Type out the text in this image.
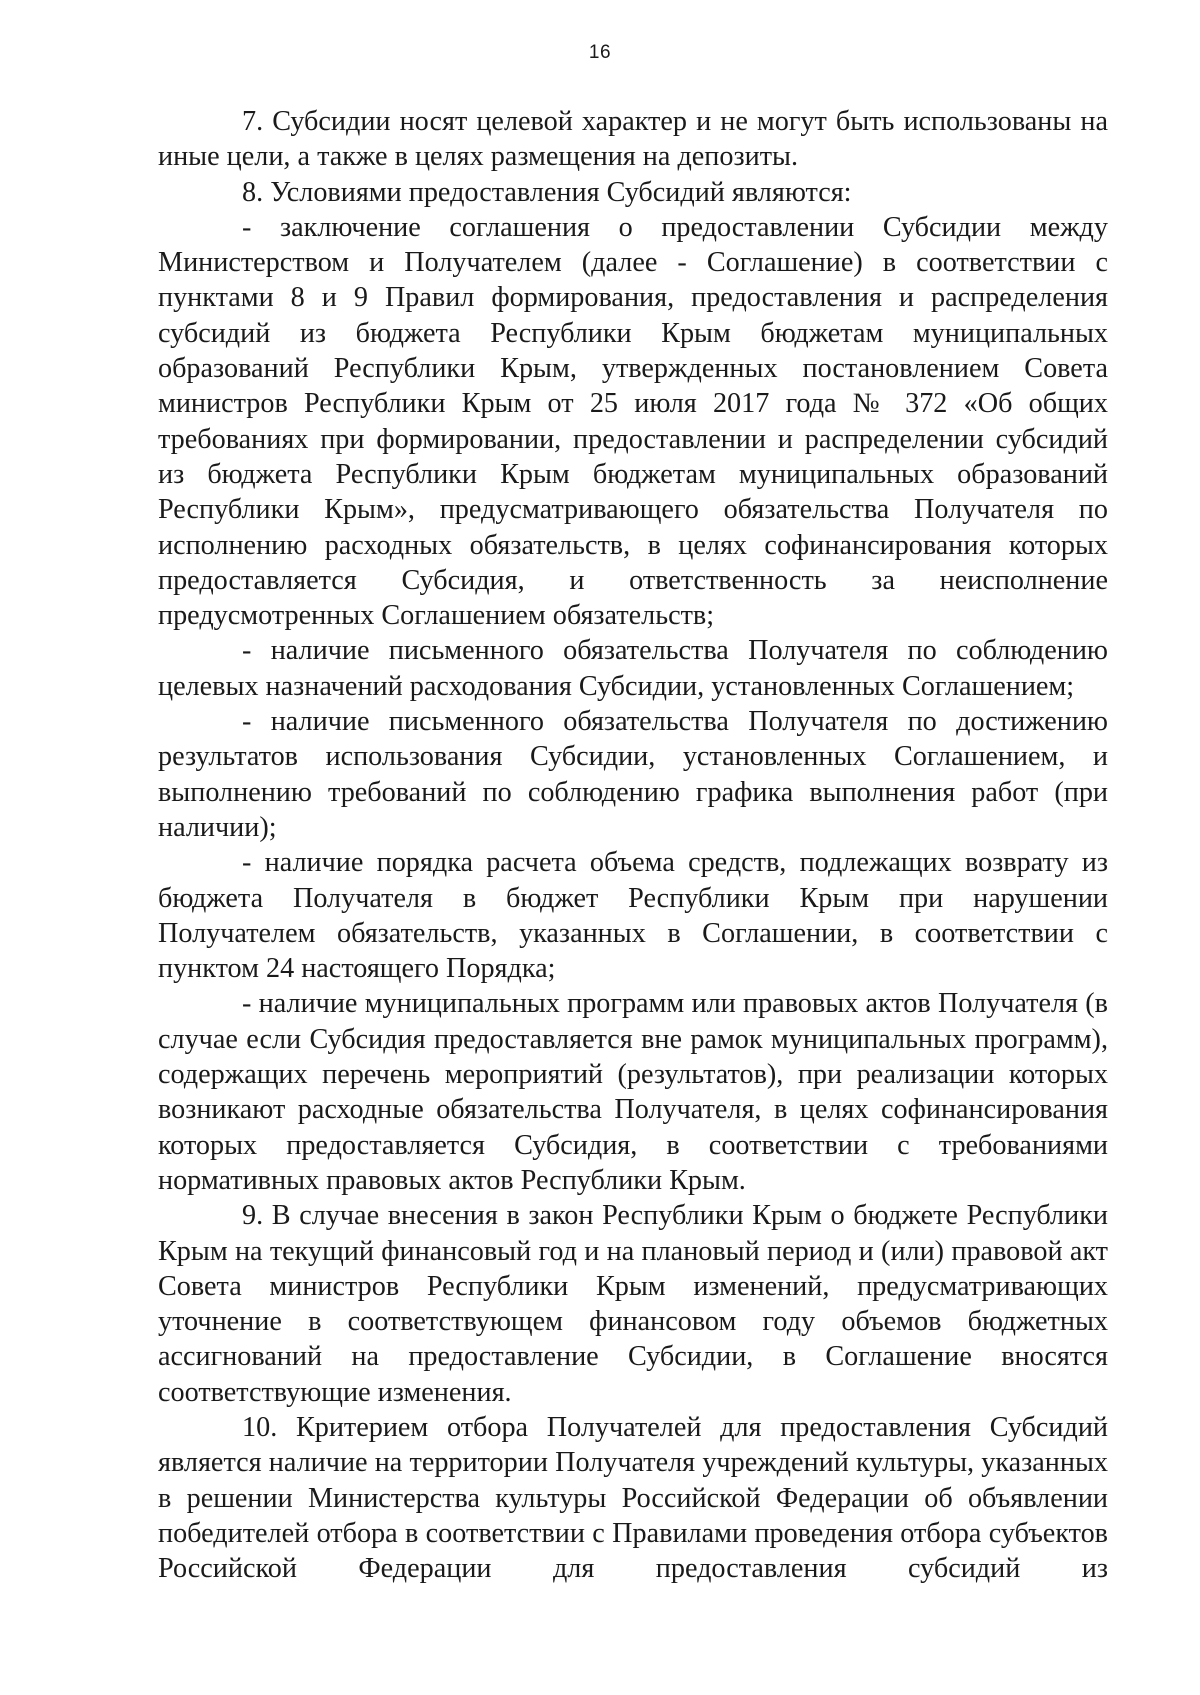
16

7. Субсидии носят целевой характер и не могут быть использованы на иные цели, а также в целях размещения на депозиты.

8. Условиями предоставления Субсидий являются:

- заключение соглашения о предоставлении Субсидии между Министерством и Получателем (далее - Соглашение) в соответствии с пунктами 8 и 9 Правил формирования, предоставления и распределения субсидий из бюджета Республики Крым бюджетам муниципальных образований Республики Крым, утвержденных постановлением Совета министров Республики Крым от 25 июля 2017 года № 372 «Об общих требованиях при формировании, предоставлении и распределении субсидий из бюджета Республики Крым бюджетам муниципальных образований Республики Крым», предусматривающего обязательства Получателя по исполнению расходных обязательств, в целях софинансирования которых предоставляется Субсидия, и ответственность за неисполнение предусмотренных Соглашением обязательств;

- наличие письменного обязательства Получателя по соблюдению целевых назначений расходования Субсидии, установленных Соглашением;

- наличие письменного обязательства Получателя по достижению результатов использования Субсидии, установленных Соглашением, и выполнению требований по соблюдению графика выполнения работ (при наличии);

- наличие порядка расчета объема средств, подлежащих возврату из бюджета Получателя в бюджет Республики Крым при нарушении Получателем обязательств, указанных в Соглашении, в соответствии с пунктом 24 настоящего Порядка;

- наличие муниципальных программ или правовых актов Получателя (в случае если Субсидия предоставляется вне рамок муниципальных программ), содержащих перечень мероприятий (результатов), при реализации которых возникают расходные обязательства Получателя, в целях софинансирования которых предоставляется Субсидия, в соответствии с требованиями нормативных правовых актов Республики Крым.

9. В случае внесения в закон Республики Крым о бюджете Республики Крым на текущий финансовый год и на плановый период и (или) правовой акт Совета министров Республики Крым изменений, предусматривающих уточнение в соответствующем финансовом году объемов бюджетных ассигнований на предоставление Субсидии, в Соглашение вносятся соответствующие изменения.

10. Критерием отбора Получателей для предоставления Субсидий является наличие на территории Получателя учреждений культуры, указанных в решении Министерства культуры Российской Федерации об объявлении победителей отбора в соответствии с Правилами проведения отбора субъектов Российской Федерации для предоставления субсидий из
